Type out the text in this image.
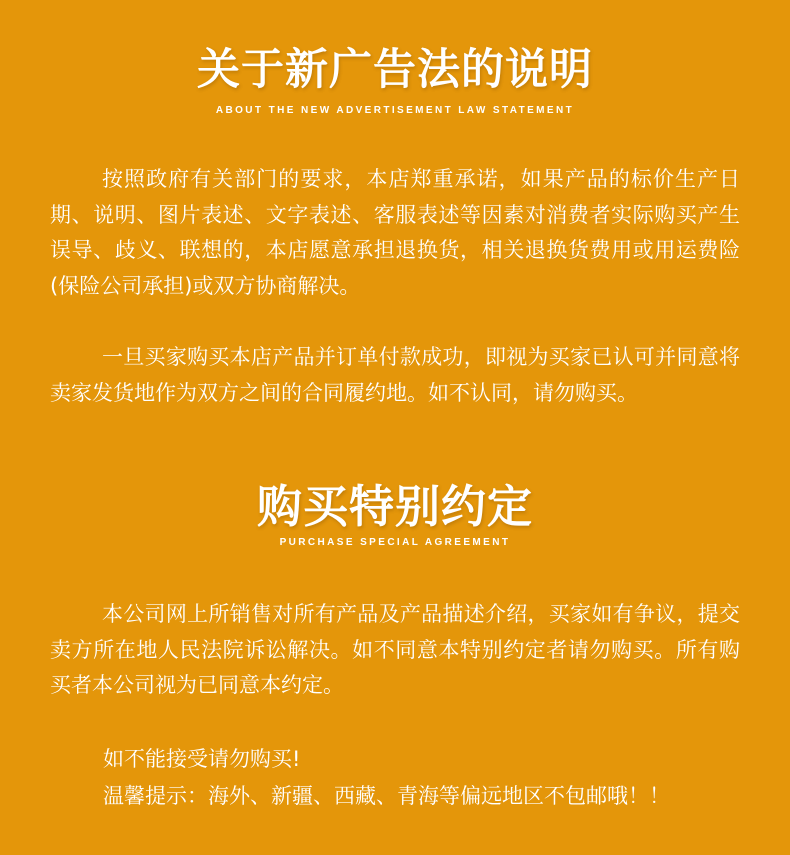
关于新广告法的说明
ABOUT THE NEW ADVERTISEMENT LAW STATEMENT
按照政府有关部门的要求，本店郑重承诺，如果产品的标价生产日期、说明、图片表述、文字表述、客服表述等因素对消费者实际购买产生误导、歧义、联想的，本店愿意承担退换货，相关退换货费用或用运费险(保险公司承担)或双方协商解决。
一旦买家购买本店产品并订单付款成功，即视为买家已认可并同意将卖家发货地作为双方之间的合同履约地。如不认同，请勿购买。
购买特别约定
PURCHASE SPECIAL AGREEMENT
本公司网上所销售对所有产品及产品描述介绍，买家如有争议，提交卖方所在地人民法院诉讼解决。如不同意本特别约定者请勿购买。所有购买者本公司视为已同意本约定。
如不能接受请勿购买!
温馨提示：海外、新疆、西藏、青海等偏远地区不包邮哦！！
